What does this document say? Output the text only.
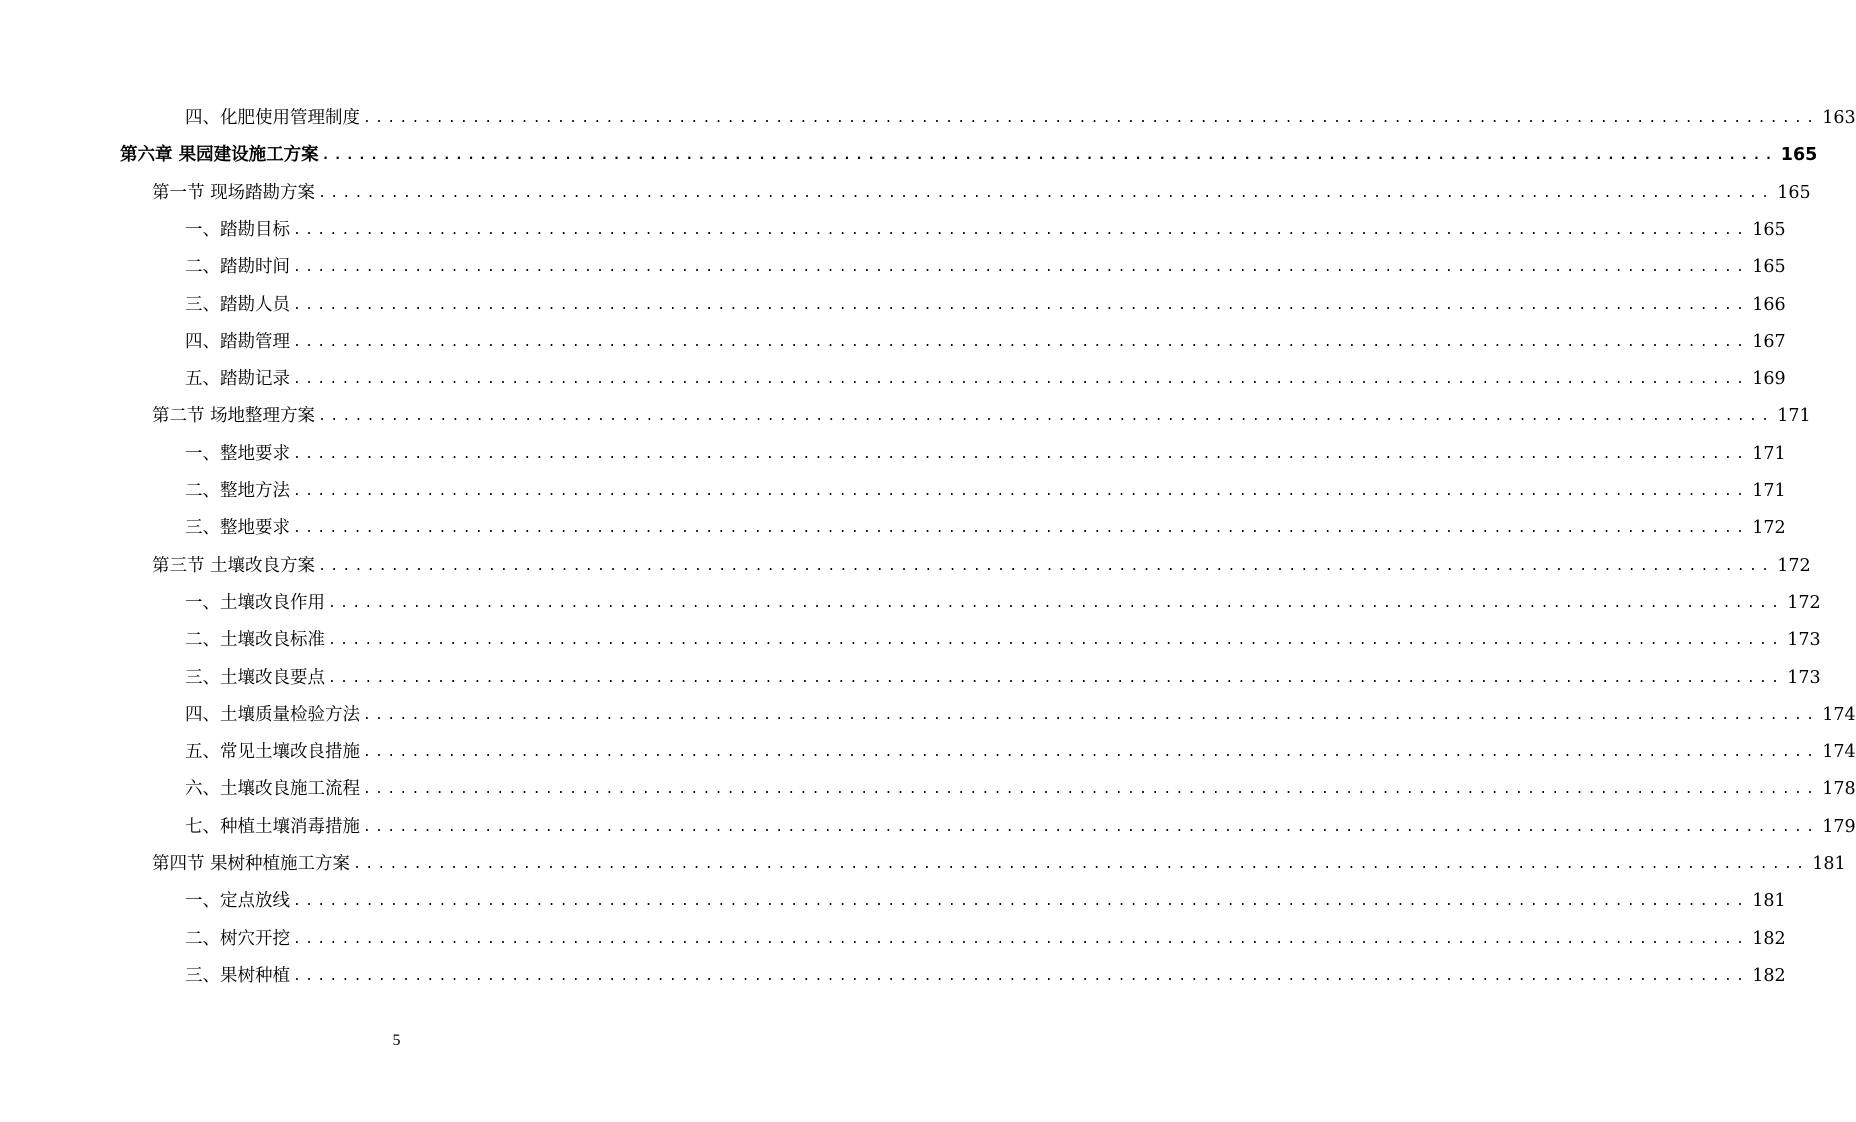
四、化肥使用管理制度 ........................................................................................................................ 163
第六章 果园建设施工方案 ........................................................................................................................ 165
第一节 现场踏勘方案 ........................................................................................................................ 165
一、踏勘目标 ........................................................................................................................ 165
二、踏勘时间 ........................................................................................................................ 165
三、踏勘人员 ........................................................................................................................ 166
四、踏勘管理 ........................................................................................................................ 167
五、踏勘记录 ........................................................................................................................ 169
第二节 场地整理方案 ........................................................................................................................ 171
一、整地要求 ........................................................................................................................ 171
二、整地方法 ........................................................................................................................ 171
三、整地要求 ........................................................................................................................ 172
第三节 土壤改良方案 ........................................................................................................................ 172
一、土壤改良作用 ........................................................................................................................ 172
二、土壤改良标准 ........................................................................................................................ 173
三、土壤改良要点 ........................................................................................................................ 173
四、土壤质量检验方法 ........................................................................................................................ 174
五、常见土壤改良措施 ........................................................................................................................ 174
六、土壤改良施工流程 ........................................................................................................................ 178
七、种植土壤消毒措施 ........................................................................................................................ 179
第四节 果树种植施工方案 ........................................................................................................................ 181
一、定点放线 ........................................................................................................................ 181
二、树穴开挖 ........................................................................................................................ 182
三、果树种植 ........................................................................................................................ 182
5
